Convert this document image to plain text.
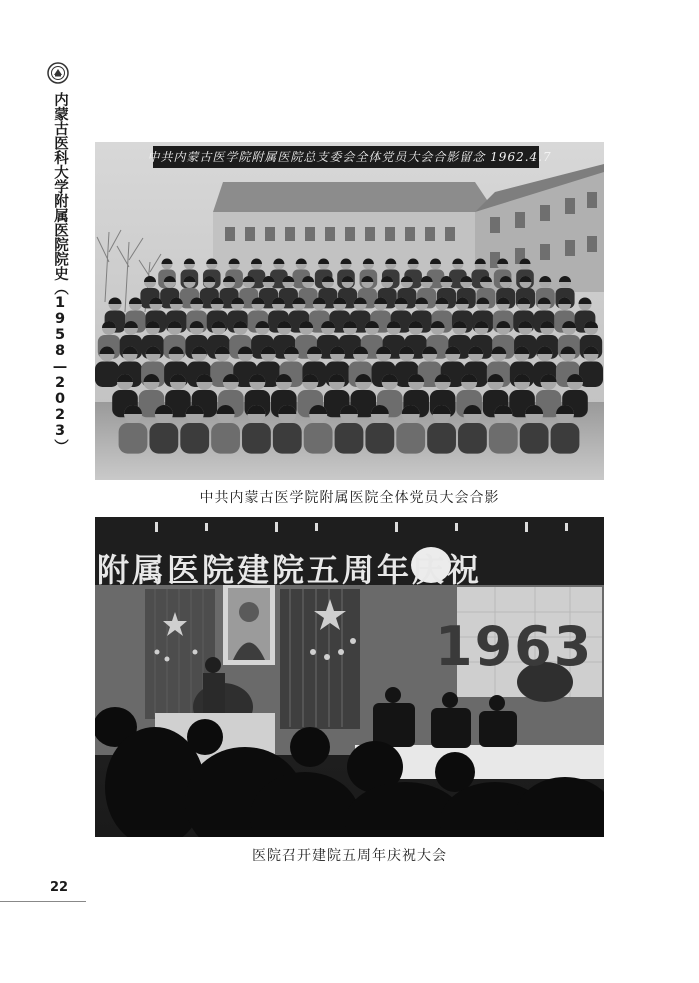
内蒙古医科大学附属医院院史（1958—2023）	中共内蒙古医学院附属医院总支委会全体党员大会合影留念 1962.4.7
中共内蒙古医学院附属医院全体党员大会合影
附属医院建院五周年庆祝
1963
医院召开建院五周年庆祝大会
22
